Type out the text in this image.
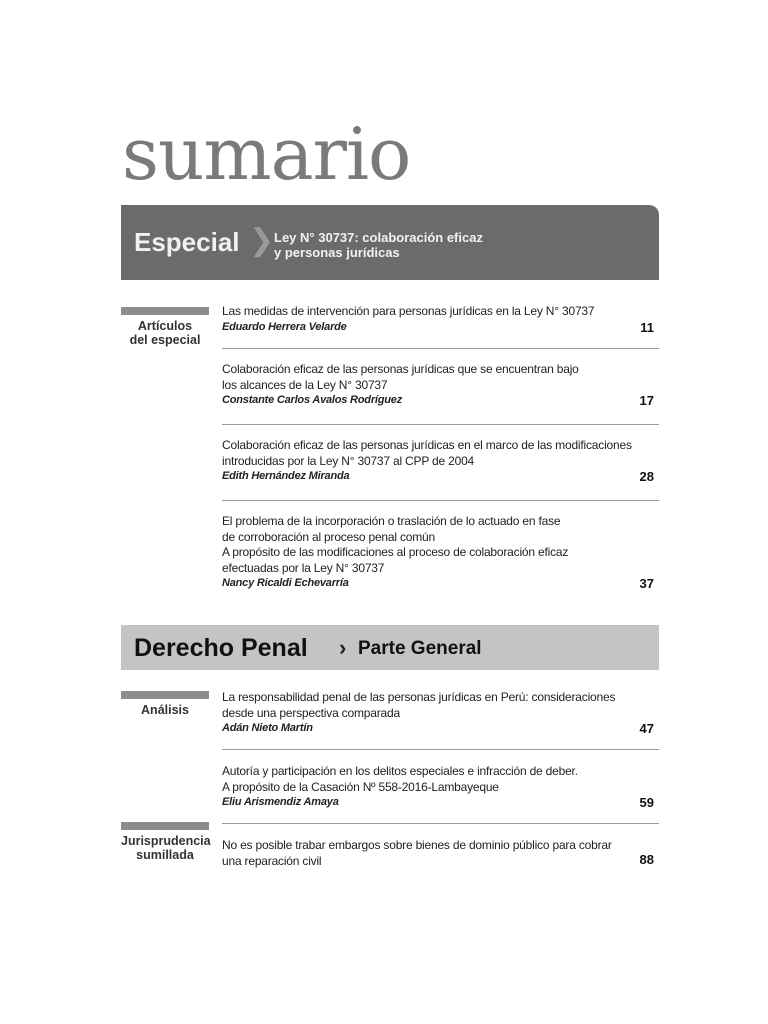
sumario
Especial ❯ Ley N° 30737: colaboración eficaz
y personas jurídicas
Artículos
del especial
Las medidas de intervención para personas jurídicas en la Ley N° 30737
Eduardo Herrera Velarde	11
Colaboración eficaz de las personas jurídicas que se encuentran bajo
los alcances de la Ley N° 30737
Constante Carlos Avalos Rodríguez	17
Colaboración eficaz de las personas jurídicas en el marco de las modificaciones
introducidas por la Ley N° 30737 al CPP de 2004
Edith Hernández Miranda	28
El problema de la incorporación o traslación de lo actuado en fase
de corroboración al proceso penal común
A propósito de las modificaciones al proceso de colaboración eficaz
efectuadas por la Ley N° 30737
Nancy Ricaldi Echevarría	37
Derecho Penal › Parte General
Análisis
La responsabilidad penal de las personas jurídicas en Perú: consideraciones
desde una perspectiva comparada
Adán Nieto Martín	47
Autoría y participación en los delitos especiales e infracción de deber.
A propósito de la Casación Nº 558-2016-Lambayeque
Eliu Arismendiz Amaya	59
Jurisprudencia
sumillada
No es posible trabar embargos sobre bienes de dominio público para cobrar
una reparación civil	88
